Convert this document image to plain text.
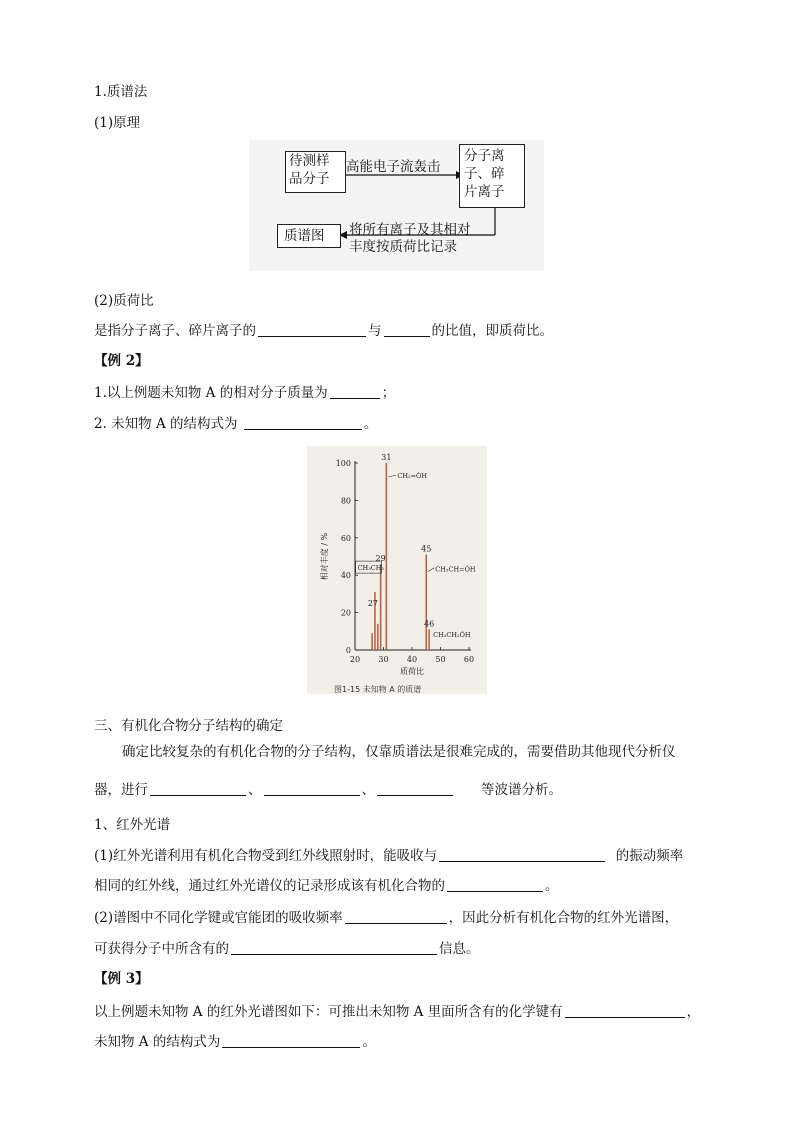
1.质谱法
(1)原理
待测样
品分子
高能电子流轰击
分子离
子、碎
片离子
将所有离子及其相对
丰度按质荷比记录
质谱图
(2)质荷比
是指分子离子、碎片离子的	与	的比值，即质荷比。
【例 2】
1.以上例题未知物 A 的相对分子质量为	；
2. 未知物 A 的结构式为	。
0
20
40
60
80
100
20 30 40 50 60
质荷比
相对丰度 / %
27
29
31
45
46
CH₂=ȮH
CH₃CH₂	CH₃CH=ȮH
CH₃CH₂ȮH
图1-15 未知物 A 的质谱
三、有机化合物分子结构的确定
确定比较复杂的有机化合物的分子结构，仅靠质谱法是很难完成的，需要借助其他现代分析仪
器，进行	、	、	等波谱分析。
1、红外光谱
(1)红外光谱利用有机化合物受到红外线照射时，能吸收与	的振动频率
相同的红外线，通过红外光谱仪的记录形成该有机化合物的	。
(2)谱图中不同化学键或官能团的吸收频率	，因此分析有机化合物的红外光谱图，
可获得分子中所含有的	信息。
【例 3】
以上例题未知物 A 的红外光谱图如下：可推出未知物 A 里面所含有的化学键有	，
未知物 A 的结构式为	。
